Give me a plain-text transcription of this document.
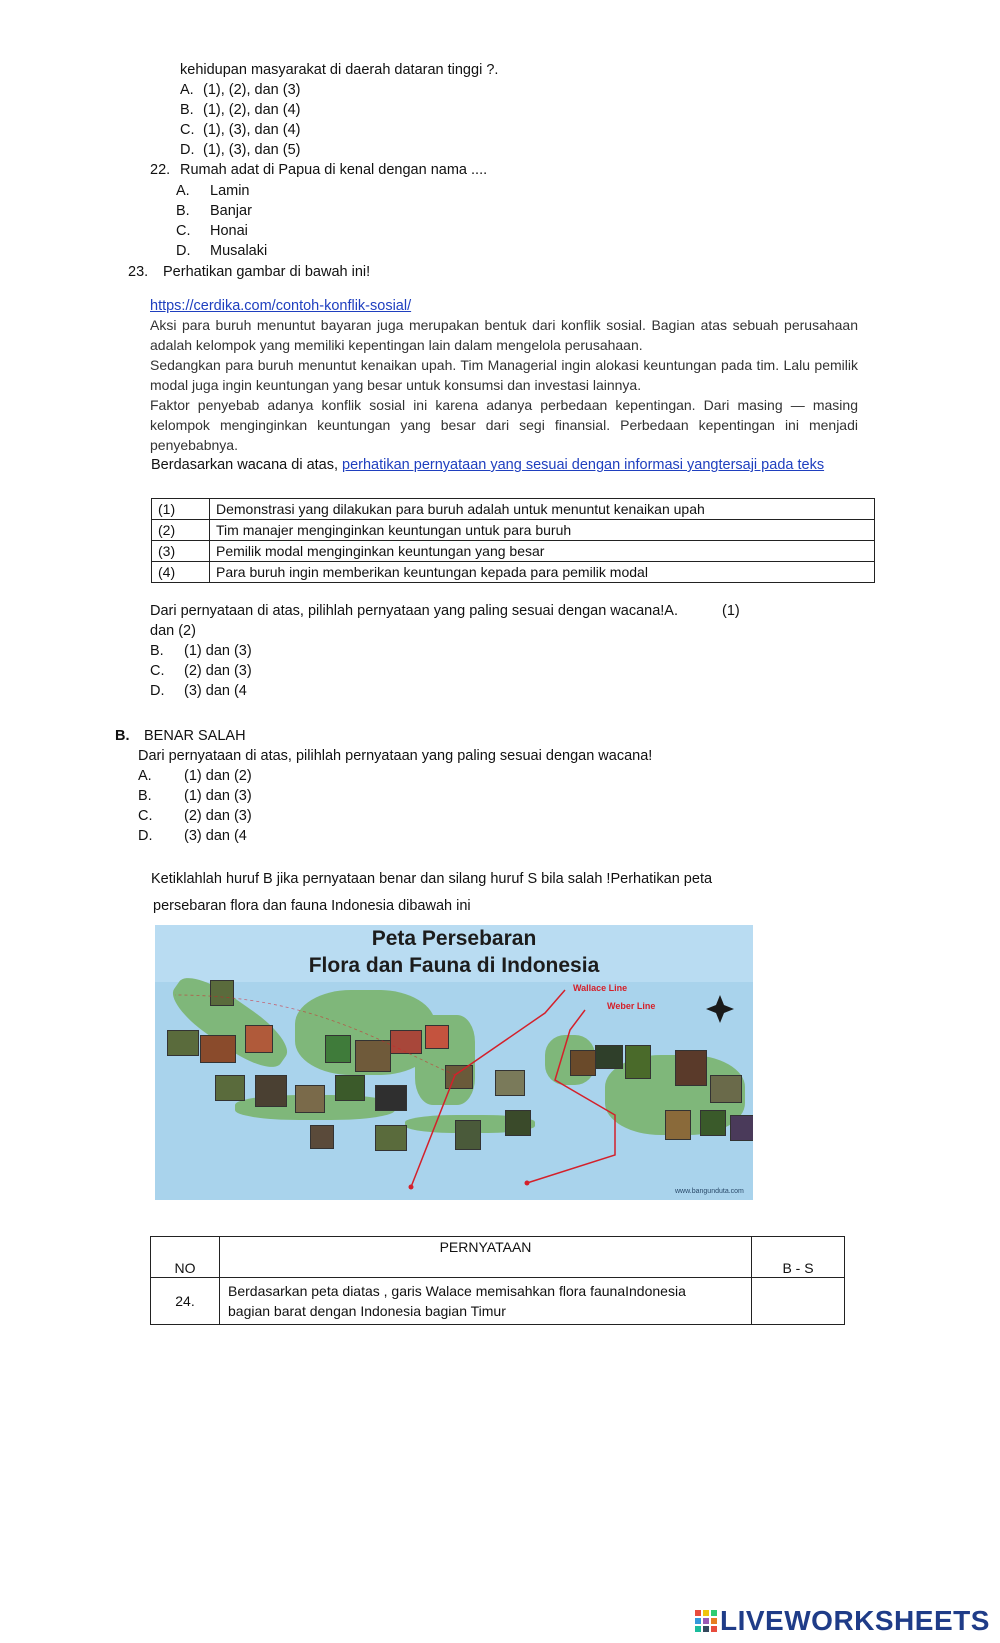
kehidupan masyarakat di daerah dataran tinggi ?.
A. (1), (2), dan (3)
B. (1), (2), dan (4)
C. (1), (3), dan (4)
D. (1), (3), dan (5)
22. Rumah adat di Papua di kenal dengan nama ....
A. Lamin
B. Banjar
C. Honai
D. Musalaki
23. Perhatikan gambar di bawah ini!
https://cerdika.com/contoh-konflik-sosial/
Aksi para buruh menuntut bayaran juga merupakan bentuk dari konflik sosial. Bagian atas sebuah perusahaan adalah kelompok yang memiliki kepentingan lain dalam mengelola perusahaan.
Sedangkan para buruh menuntut kenaikan upah. Tim Managerial ingin alokasi keuntungan pada tim. Lalu pemilik modal juga ingin keuntungan yang besar untuk konsumsi dan investasi lainnya.
Faktor penyebab adanya konflik sosial ini karena adanya perbedaan kepentingan. Dari masing — masing kelompok menginginkan keuntungan yang besar dari segi finansial. Perbedaan kepentingan ini menjadi penyebabnya.
Berdasarkan wacana di atas, perhatikan pernyataan yang sesuai dengan informasi yangtersaji pada teks
(1)	Demonstrasi yang dilakukan para buruh adalah untuk menuntut kenaikan upah
(2)	Tim manajer menginginkan keuntungan untuk para buruh
(3)	Pemilik modal menginginkan keuntungan yang besar
(4)	Para buruh ingin memberikan keuntungan kepada para pemilik modal
Dari pernyataan di atas, pilihlah pernyataan yang paling sesuai dengan wacana!A.	(1)
dan (2)
B. (1) dan (3)
C. (2) dan (3)
D. (3) dan (4
B. BENAR SALAH
Dari pernyataan di atas, pilihlah pernyataan yang paling sesuai dengan wacana!
A. (1) dan (2)
B. (1) dan (3)
C. (2) dan (3)
D. (3) dan (4
Ketiklahlah huruf B jika pernyataan benar dan silang huruf S bila salah !Perhatikan peta
persebaran flora dan fauna Indonesia dibawah ini
Peta Persebaran
Flora dan Fauna di Indonesia
Wallace Line
Weber Line
www.bangunduta.com
NO	PERNYATAAN	B - S
24.	Berdasarkan peta diatas , garis Walace memisahkan flora faunaIndonesia
bagian barat dengan Indonesia bagian Timur	

LIVEWORKSHEETS
